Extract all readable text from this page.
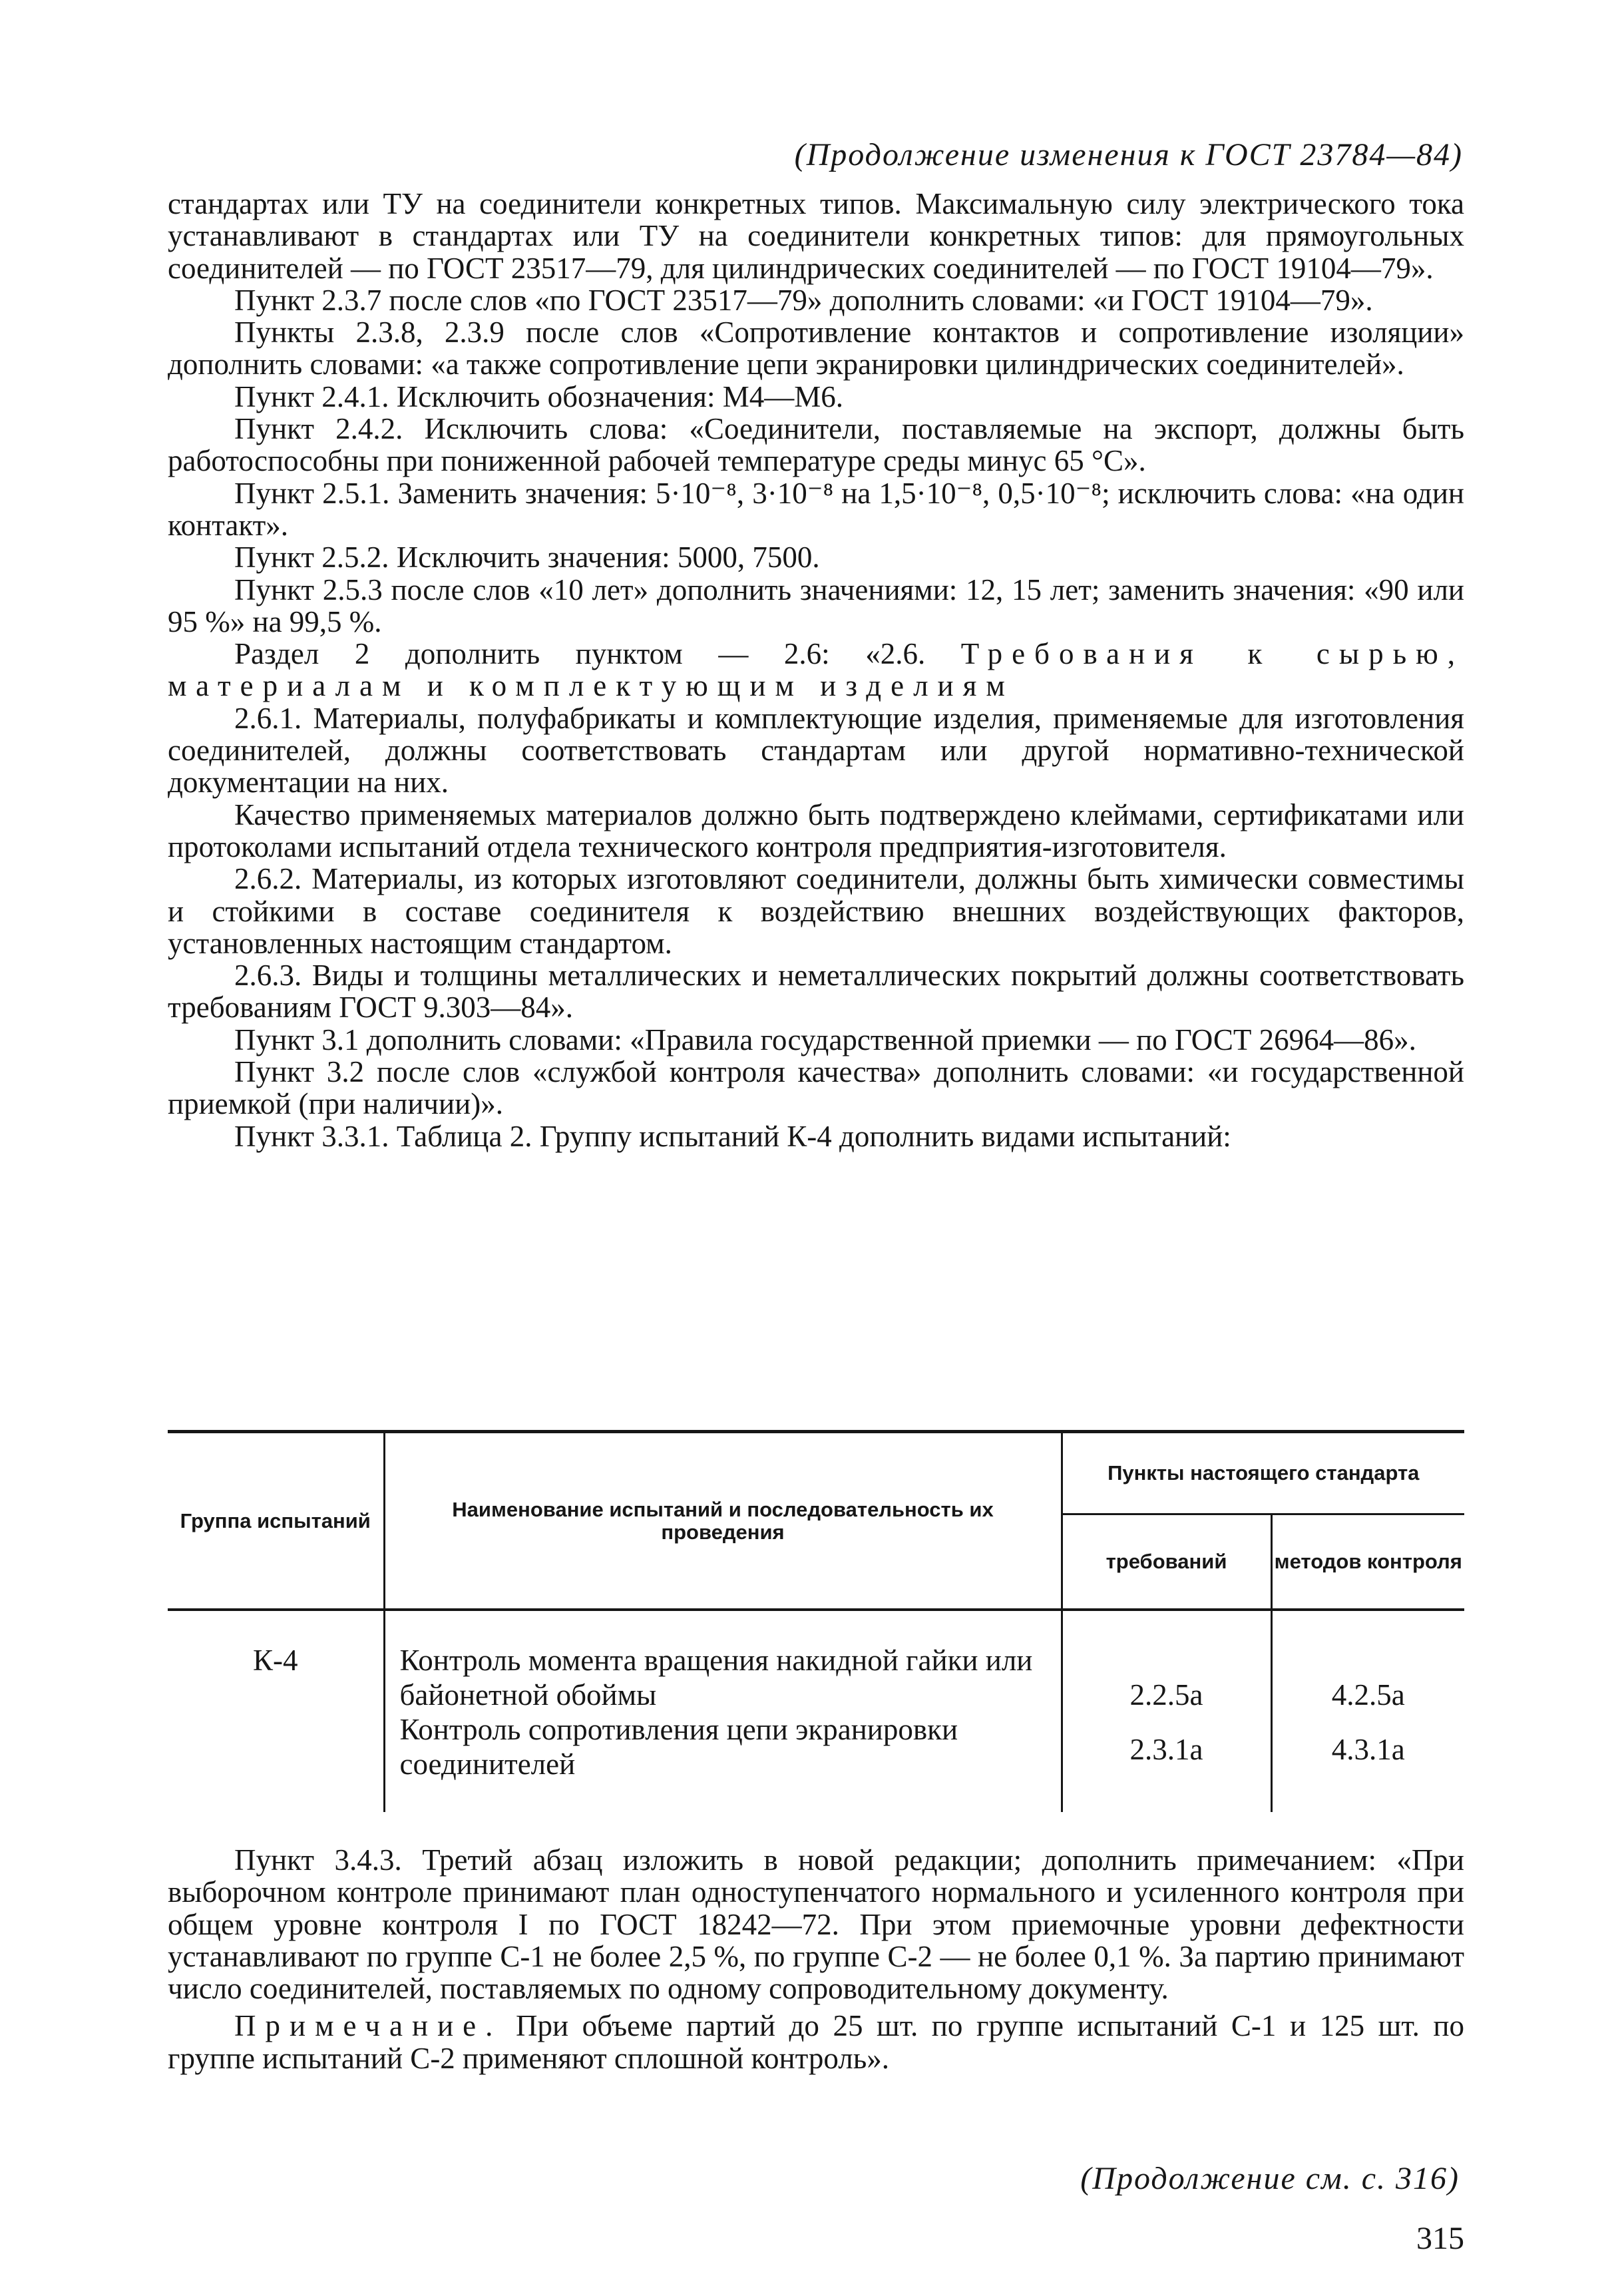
(Продолжение изменения к ГОСТ 23784—84)

стандартах или ТУ на соединители конкретных типов. Максимальную силу электрического тока устанавливают в стандартах или ТУ на соединители конкретных типов: для прямоугольных соединителей — по ГОСТ 23517—79, для цилиндрических соединителей — по ГОСТ 19104—79».

Пункт 2.3.7 после слов «по ГОСТ 23517—79» дополнить словами: «и ГОСТ 19104—79».

Пункты 2.3.8, 2.3.9 после слов «Сопротивление контактов и сопротивление изоляции» дополнить словами: «а также сопротивление цепи экранировки цилиндрических соединителей».

Пункт 2.4.1. Исключить обозначения: М4—М6.

Пункт 2.4.2. Исключить слова: «Соединители, поставляемые на экспорт, должны быть работоспособны при пониженной рабочей температуре среды минус 65 °С».

Пункт 2.5.1. Заменить значения: 5·10⁻⁸, 3·10⁻⁸ на 1,5·10⁻⁸, 0,5·10⁻⁸; исключить слова: «на один контакт».

Пункт 2.5.2. Исключить значения: 5000, 7500.

Пункт 2.5.3 после слов «10 лет» дополнить значениями: 12, 15 лет; заменить значения: «90 или 95 %» на 99,5 %.

Раздел 2 дополнить пунктом — 2.6: «2.6. Требования к сырью, материалам и комплектующим изделиям

2.6.1. Материалы, полуфабрикаты и комплектующие изделия, применяемые для изготовления соединителей, должны соответствовать стандартам или другой нормативно-технической документации на них.

Качество применяемых материалов должно быть подтверждено клеймами, сертификатами или протоколами испытаний отдела технического контроля предприятия-изготовителя.

2.6.2. Материалы, из которых изготовляют соединители, должны быть химически совместимы и стойкими в составе соединителя к воздействию внешних воздействующих факторов, установленных настоящим стандартом.

2.6.3. Виды и толщины металлических и неметаллических покрытий должны соответствовать требованиям ГОСТ 9.303—84».

Пункт 3.1 дополнить словами: «Правила государственной приемки — по ГОСТ 26964—86».

Пункт 3.2 после слов «службой контроля качества» дополнить словами: «и государственной приемкой (при наличии)».

Пункт 3.3.1. Таблица 2. Группу испытаний К-4 дополнить видами испытаний:

Группа испытаний	Наименование испытаний и последовательность их проведения	Пункты настоящего стандарта	
		требований	методов контроля
К-4	Контроль момента вращения накидной гайки или байонетной обоймы	2.2.5а	4.2.5а
	Контроль сопротивления цепи экранировки соединителей	2.3.1а	4.3.1а

Пункт 3.4.3. Третий абзац изложить в новой редакции; дополнить примечанием: «При выборочном контроле принимают план одноступенчатого нормального и усиленного контроля при общем уровне контроля I по ГОСТ 18242—72. При этом приемочные уровни дефектности устанавливают по группе С-1 не более 2,5 %, по группе С-2 — не более 0,1 %. За партию принимают число соединителей, поставляемых по одному сопроводительному документу.

Примечание. При объеме партий до 25 шт. по группе испытаний С-1 и 125 шт. по группе испытаний С-2 применяют сплошной контроль».

(Продолжение см. с. 316)
315
